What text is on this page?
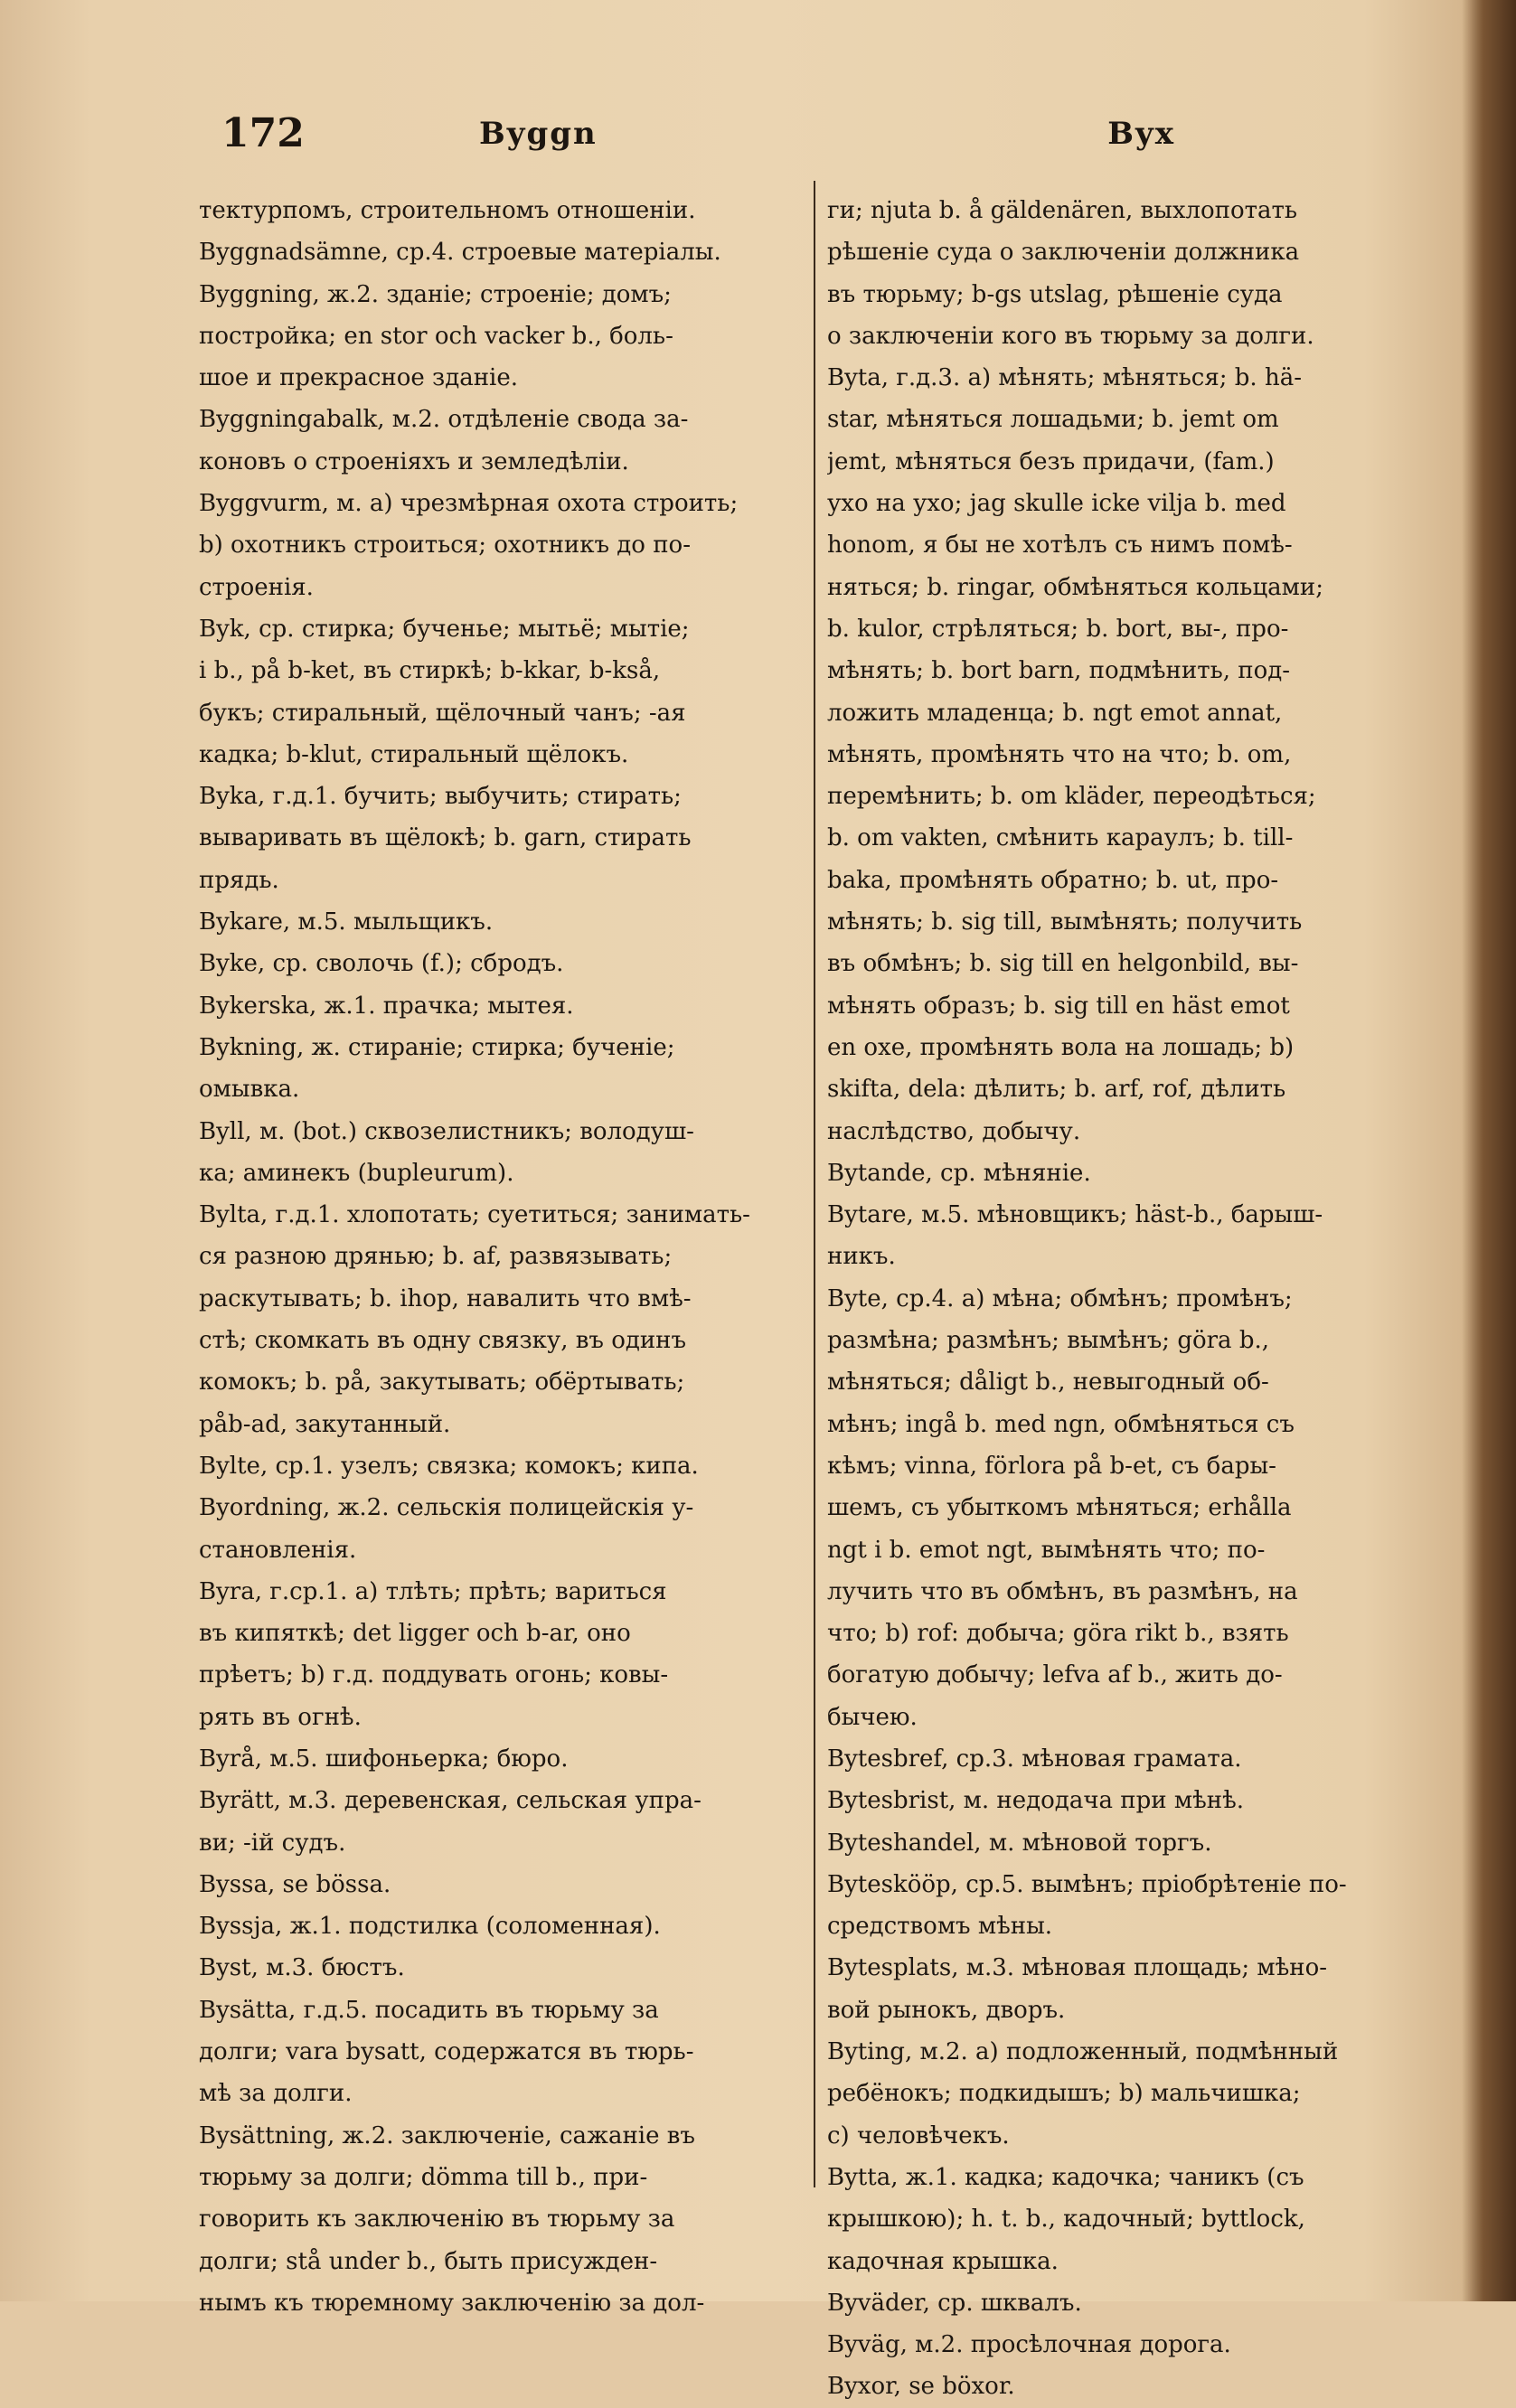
172	Byggn	Byx
тектурпомъ, строительномъ отношеніи.
Byggnadsämne, ср.4. строевые матеріалы.
Byggning, ж.2. зданіе; строеніе; домъ;
постройка; en stor och vacker b., боль-
шое и прекрасное зданіе.
Byggningabalk, м.2. отдѣленіе свода за-
коновъ о строеніяхъ и земледѣліи.
Byggvurm, м. а) чрезмѣрная охота строить;
b) охотникъ строиться; охотникъ до по-
строенія.
Byk, ср. стирка; бученье; мытьё; мытіе;
i b., på b-ket, въ стиркѣ; b-kkar, b-kså,
букъ; стиральный, щёлочный чанъ; -ая
кадка; b-klut, стиральный щёлокъ.
Byka, г.д.1. бучить; выбучить; стирать;
вываривать въ щёлокѣ; b. garn, стирать
прядь.
Bykare, м.5. мыльщикъ.
Byke, ср. сволочь (f.); сбродъ.
Bykerska, ж.1. прачка; мытея.
Bykning, ж. стираніе; стирка; бученіе;
омывка.
Byll, м. (bot.) сквозелистникъ; володуш-
ка; аминекъ (bupleurum).
Bylta, г.д.1. хлопотать; суетиться; занимать-
ся разною дрянью; b. af, развязывать;
раскутывать; b. ihop, навалить что вмѣ-
стѣ; скомкать въ одну связку, въ одинъ
комокъ; b. på, закутывать; обёртывать;
påb-ad, закутанный.
Bylte, ср.1. узелъ; связка; комокъ; кипа.
Byordning, ж.2. сельскія полицейскія у-
становленія.
Byra, г.ср.1. а) тлѣть; прѣть; вариться
въ кипяткѣ; det ligger och b-ar, оно
прѣетъ; b) г.д. поддувать огонь; ковы-
рять въ огнѣ.
Byrå, м.5. шифоньерка; бюро.
Byrätt, м.3. деревенская, сельская упра-
ви; -ій судъ.
Byssa, se bössa.
Byssja, ж.1. подстилка (соломенная).
Byst, м.3. бюстъ.
Bysätta, г.д.5. посадить въ тюрьму за
долги; vara bysatt, содержатся въ тюрь-
мѣ за долги.
Bysättning, ж.2. заключеніе, сажаніе въ
тюрьму за долги; dömma till b., при-
говорить къ заключенію въ тюрьму за
долги; stå under b., быть присужден-
нымъ къ тюремному заключенію за дол-
ги; njuta b. å gäldenären, выхлопотать
рѣшеніе суда о заключеніи должника
въ тюрьму; b-gs utslag, рѣшеніе суда
о заключеніи кого въ тюрьму за долги.
Byta, г.д.3. а) мѣнять; мѣняться; b. hä-
star, мѣняться лошадьми; b. jemt om
jemt, мѣняться безъ придачи, (fam.)
ухо на ухо; jag skulle icke vilja b. med
honom, я бы не хотѣлъ съ нимъ помѣ-
няться; b. ringar, обмѣняться кольцами;
b. kulor, стрѣляться; b. bort, вы-, про-
мѣнять; b. bort barn, подмѣнить, под-
ложить младенца; b. ngt emot annat,
мѣнять, промѣнять что на что; b. om,
перемѣнить; b. om kläder, переодѣться;
b. om vakten, смѣнить караулъ; b. till-
baka, промѣнять обратно; b. ut, про-
мѣнять; b. sig till, вымѣнять; получить
въ обмѣнъ; b. sig till en helgonbild, вы-
мѣнять образъ; b. sig till en häst emot
en oxe, промѣнять вола на лошадь; b)
skifta, dela: дѣлить; b. arf, rof, дѣлить
наслѣдство, добычу.
Bytande, ср. мѣняніе.
Bytare, м.5. мѣновщикъ; häst-b., барыш-
никъ.
Byte, ср.4. а) мѣна; обмѣнъ; промѣнъ;
размѣна; размѣнъ; вымѣнъ; göra b.,
мѣняться; dåligt b., невыгодный об-
мѣнъ; ingå b. med ngn, обмѣняться съ
кѣмъ; vinna, förlora på b-et, съ бары-
шемъ, съ убыткомъ мѣняться; erhålla
ngt i b. emot ngt, вымѣнять что; по-
лучить что въ обмѣнъ, въ размѣнъ, на
что; b) rof: добыча; göra rikt b., взять
богатую добычу; lefva af b., жить до-
бычею.
Bytesbref, ср.3. мѣновая грамата.
Bytesbrist, м. недодача при мѣнѣ.
Byteshandel, м. мѣновой торгъ.
Byteskööp, ср.5. вымѣнъ; пріобрѣтеніе по-
средствомъ мѣны.
Bytesplats, м.3. мѣновая площадь; мѣно-
вой рынокъ, дворъ.
Byting, м.2. а) подложенный, подмѣнный
ребёнокъ; подкидышъ; b) мальчишка;
с) человѣчекъ.
Bytta, ж.1. кадка; кадочка; чаникъ (съ
крышкою); h. t. b., кадочный; byttlock,
кадочная крышка.
Byväder, ср. шквалъ.
Byväg, м.2. просѣлочная дорога.
Byxor, se böxor.
